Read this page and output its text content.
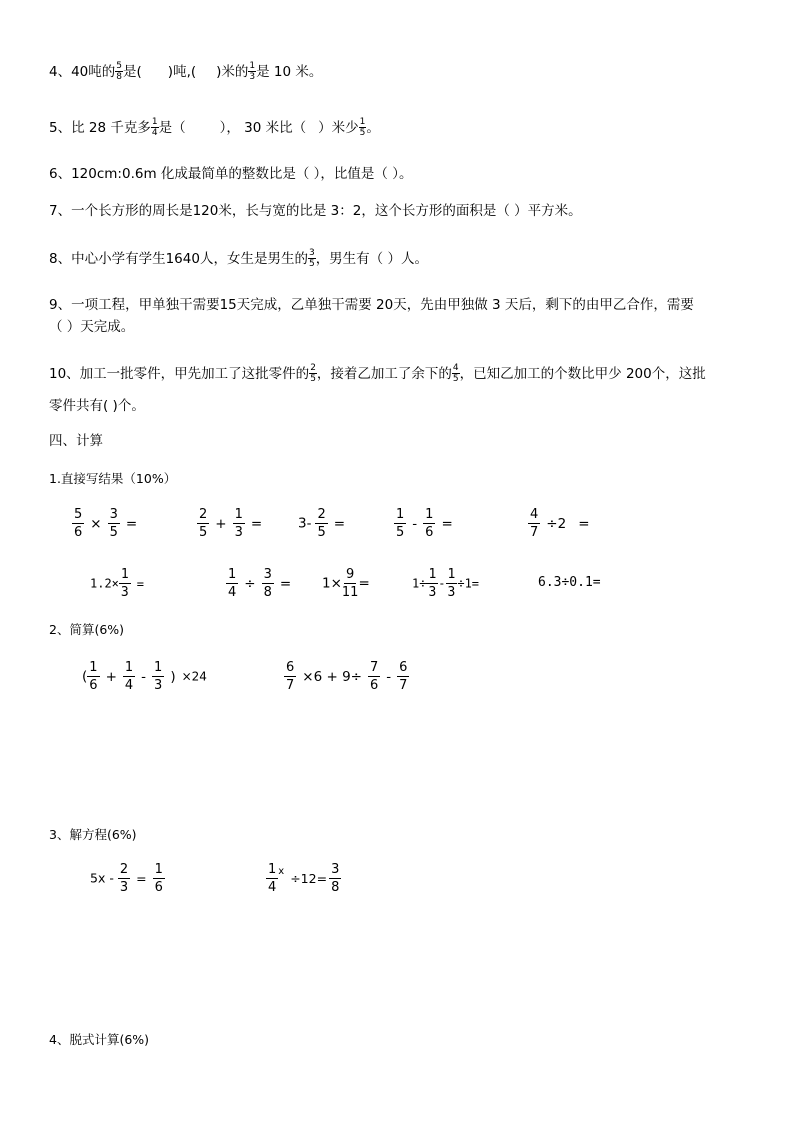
4、40吨的 $\frac{5}{8}$ 是( )吨,( )米的 $\frac{1}{3}$ 是 10 米。
5、比 28 千克多 $\frac{1}{4}$ 是（	）， 30 米比（ ）米少 $\frac{1}{5}$ 。
6、120cm:0.6m 化成最简单的整数比是（ ），比值是（ ）。
7、一个长方形的周长是120米，长与宽的比是 3：2，这个长方形的面积是（ ）平方米。
8、中心小学有学生1640人，女生是男生的 $\frac{3}{5}$ ，男生有（ ）人。
9、一项工程，甲单独干需要15天完成，乙单独干需要 20天，先由甲独做 3 天后，剩下的由甲乙合作，需要
（ ）天完成。
10、加工一批零件，甲先加工了这批零件的 $\frac{2}{5}$ ，接着乙加工了余下的 $\frac{4}{5}$ ，已知乙加工的个数比甲少 200个，这批
零件共有( )个。
四、计算
1.直接写结果（10%）
$\frac{5}{6} \times \frac{3}{5}$ =	$\frac{2}{5} + \frac{1}{3}$ =	$3- \frac{2}{5}$ =	$\frac{1}{5} - \frac{1}{6}$ =	$\frac{4}{7} \div 2$ =
$1.2\times \frac{1}{3}$ =	$\frac{1}{4} \div \frac{3}{8}$ =	$1\times \frac{9}{11}$ =	$1\div \frac{1}{3} - \frac{1}{3} \div 1=$	6.3÷0.1=
2、简算(6%)
( $\frac{1}{6} + \frac{1}{4} - \frac{1}{3}$ ) ×24	$\frac{6}{7} \times 6 + 9\div \frac{7}{6} - \frac{6}{7}$
3、解方程(6%)
$5x - \frac{2}{3} = \frac{1}{6}$	$\frac{1}{4} ^x \div 12= \frac{3}{8}$
4、脱式计算(6%)
